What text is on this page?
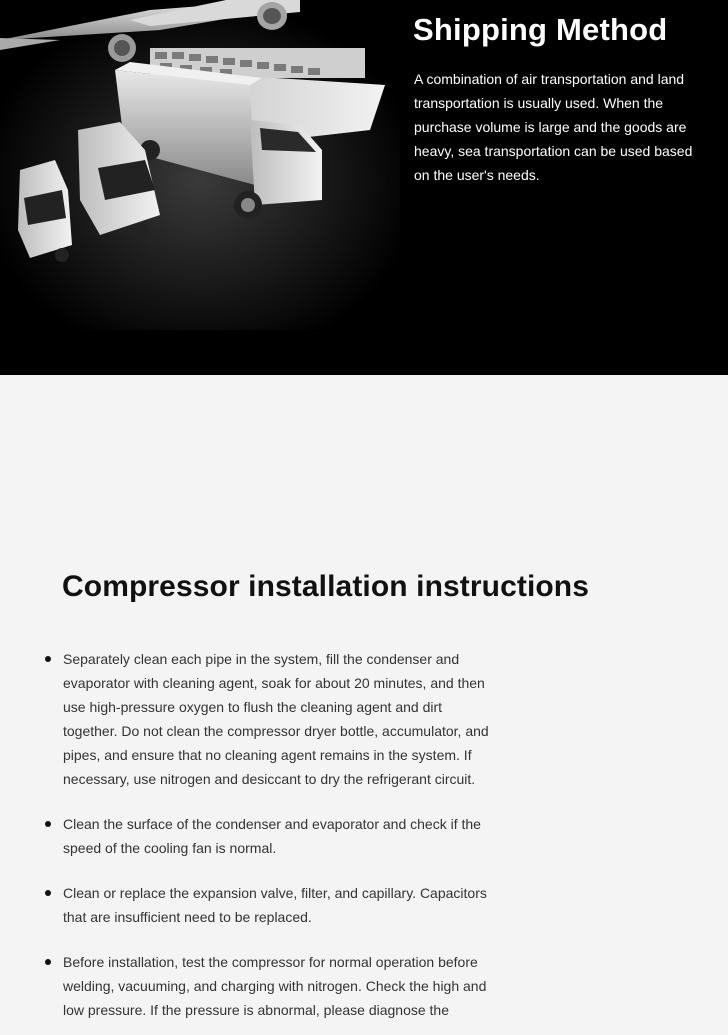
Shipping Method

A combination of air transportation and land transportation is usually used. When the purchase volume is large and the goods are heavy, sea transportation can be used based on the user's needs.

Compressor installation instructions
Separately clean each pipe in the system, fill the condenser and evaporator with cleaning agent, soak for about 20 minutes, and then use high-pressure oxygen to flush the cleaning agent and dirt together. Do not clean the compressor dryer bottle, accumulator, and pipes, and ensure that no cleaning agent remains in the system. If necessary, use nitrogen and desiccant to dry the refrigerant circuit.
Clean the surface of the condenser and evaporator and check if the speed of the cooling fan is normal.
Clean or replace the expansion valve, filter, and capillary. Capacitors that are insufficient need to be replaced.
Before installation, test the compressor for normal operation before welding, vacuuming, and charging with nitrogen. Check the high and low pressure. If the pressure is abnormal, please diagnose the
